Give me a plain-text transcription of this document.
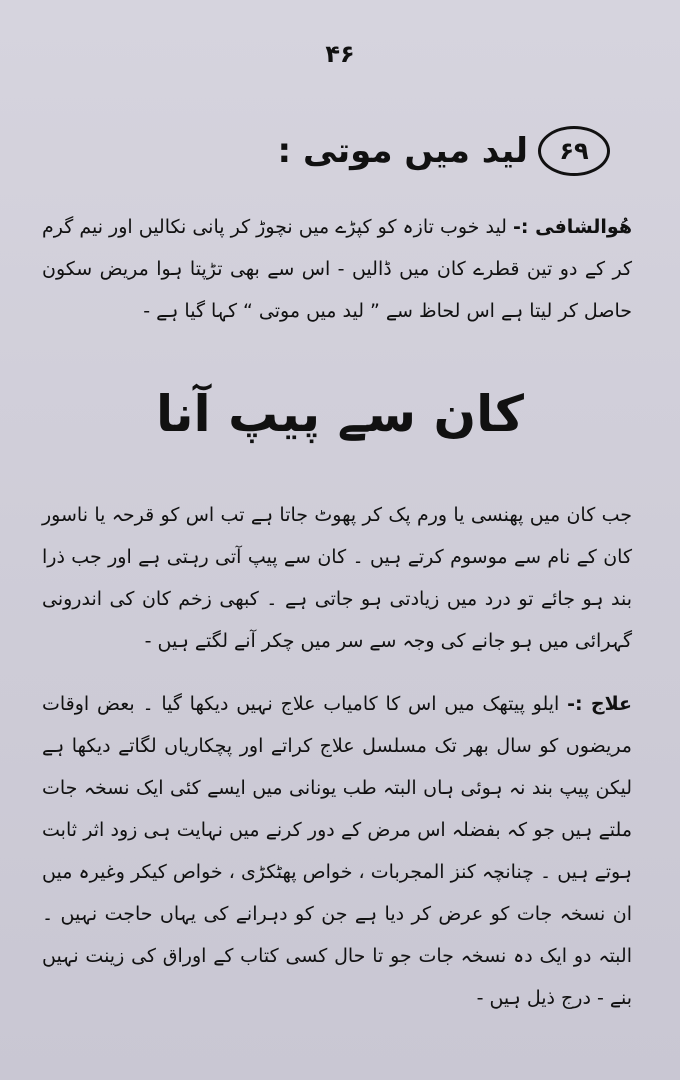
۴۶
۶۹
لید میں موتی :
ھُوالشافی :- لید خوب تازہ کو کپڑے میں نچوڑ کر پانی نکالیں اور نیم گرم کر کے دو تین قطرے کان میں ڈالیں - اس سے بھی تڑپتا ہوا مریض سکون حاصل کر لیتا ہے اس لحاظ سے ” لید میں موتی “ کہا گیا ہے -
کان سے پیپ آنا
جب کان میں پھنسی یا ورم پک کر پھوٹ جاتا ہے تب اس کو قرحہ یا ناسور کان کے نام سے موسوم کرتے ہیں ۔ کان سے پیپ آتی رہتی ہے اور جب ذرا بند ہو جائے تو درد میں زیادتی ہو جاتی ہے ۔ کبھی زخم کان کی اندرونی گہرائی میں ہو جانے کی وجہ سے سر میں چکر آنے لگتے ہیں -
علاج :- ایلو پیتھک میں اس کا کامیاب علاج نہیں دیکھا گیا ۔ بعض اوقات مریضوں کو سال بھر تک مسلسل علاج کراتے اور پچکاریاں لگاتے دیکھا ہے لیکن پیپ بند نہ ہوئی ہاں البتہ طب یونانی میں ایسے کئی ایک نسخہ جات ملتے ہیں جو کہ بفضلہ اس مرض کے دور کرنے میں نہایت ہی زود اثر ثابت ہوتے ہیں ۔ چنانچہ کنز المجربات ، خواص پھٹکڑی ، خواص کیکر وغیرہ میں ان نسخہ جات کو عرض کر دیا ہے جن کو دہرانے کی یہاں حاجت نہیں ۔ البتہ دو ایک دہ نسخہ جات جو تا حال کسی کتاب کے اوراق کی زینت نہیں بنے - درج ذیل ہیں -
